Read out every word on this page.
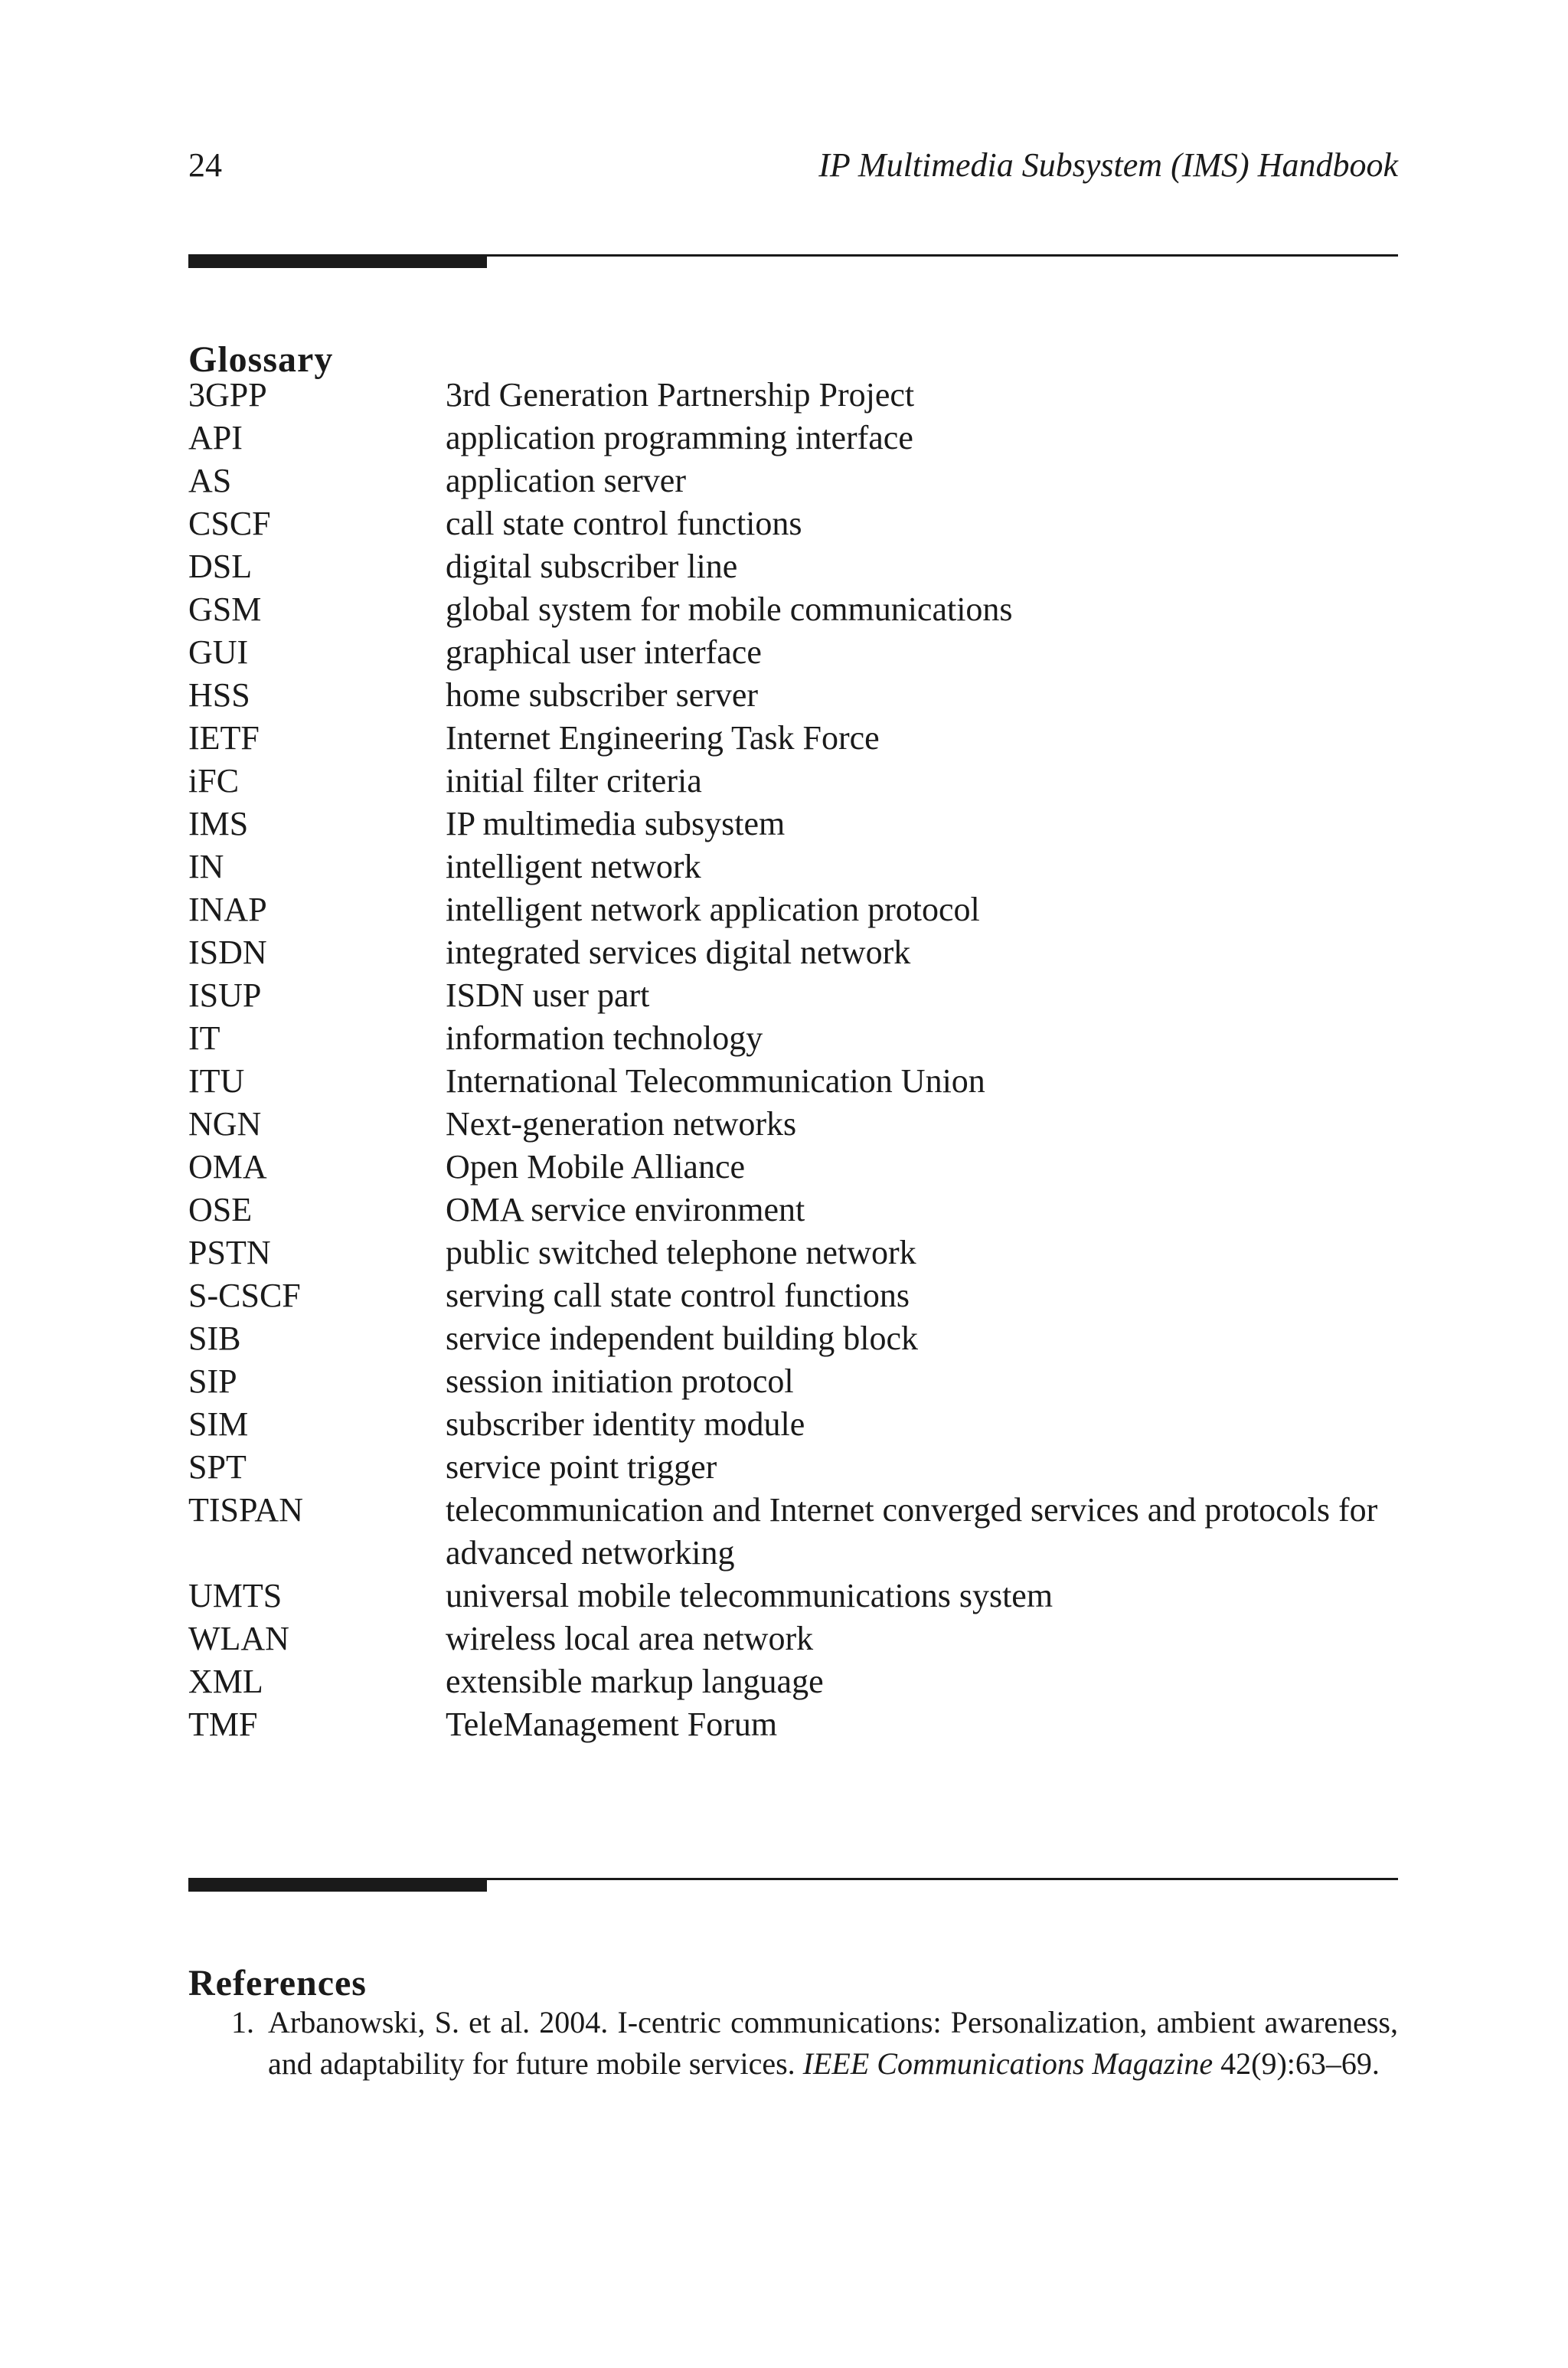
24	IP Multimedia Subsystem (IMS) Handbook
Glossary
3GPP	3rd Generation Partnership Project
API	application programming interface
AS	application server
CSCF	call state control functions
DSL	digital subscriber line
GSM	global system for mobile communications
GUI	graphical user interface
HSS	home subscriber server
IETF	Internet Engineering Task Force
iFC	initial filter criteria
IMS	IP multimedia subsystem
IN	intelligent network
INAP	intelligent network application protocol
ISDN	integrated services digital network
ISUP	ISDN user part
IT	information technology
ITU	International Telecommunication Union
NGN	Next-generation networks
OMA	Open Mobile Alliance
OSE	OMA service environment
PSTN	public switched telephone network
S-CSCF	serving call state control functions
SIB	service independent building block
SIP	session initiation protocol
SIM	subscriber identity module
SPT	service point trigger
TISPAN	telecommunication and Internet converged services and protocols for advanced networking
UMTS	universal mobile telecommunications system
WLAN	wireless local area network
XML	extensible markup language
TMF	TeleManagement Forum
References
1. Arbanowski, S. et al. 2004. I-centric communications: Personalization, ambient awareness, and adaptability for future mobile services. IEEE Communications Magazine 42(9):63–69.
